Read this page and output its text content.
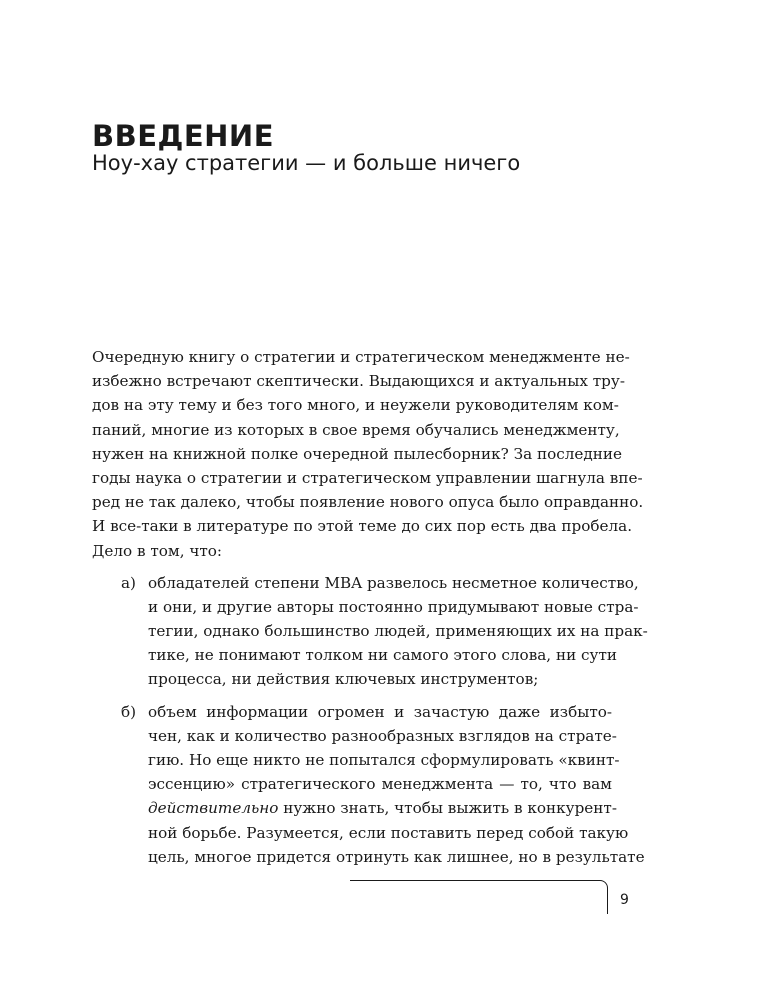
ВВЕДЕНИЕ
Ноу-хау стратегии — и больше ничего
Очередную книгу о стратегии и стратегическом менеджменте не-
избежно встречают скептически. Выдающихся и актуальных тру-
дов на эту тему и без того много, и неужели руководителям ком-
паний, многие из которых в свое время обучались менеджменту,
нужен на книжной полке очередной пылесборник? За последние
годы наука о стратегии и стратегическом управлении шагнула впе-
ред не так далеко, чтобы появление нового опуса было оправданно.
И все-таки в литературе по этой теме до сих пор есть два пробела.
Дело в том, что:
а) обладателей степени MBA развелось несметное количество,
и они, и другие авторы постоянно придумывают новые стра-
тегии, однако большинство людей, применяющих их на прак-
тике, не понимают толком ни самого этого слова, ни сути
процесса, ни действия ключевых инструментов;
б) объем информации огромен и зачастую даже избыто-
чен, как и количество разнообразных взглядов на страте-
гию. Но еще никто не попытался сформулировать «квинт-
эссенцию» стратегического менеджмента — то, что вам
действительно нужно знать, чтобы выжить в конкурент-
ной борьбе. Разумеется, если поставить перед собой такую
цель, многое придется отринуть как лишнее, но в результате
9
